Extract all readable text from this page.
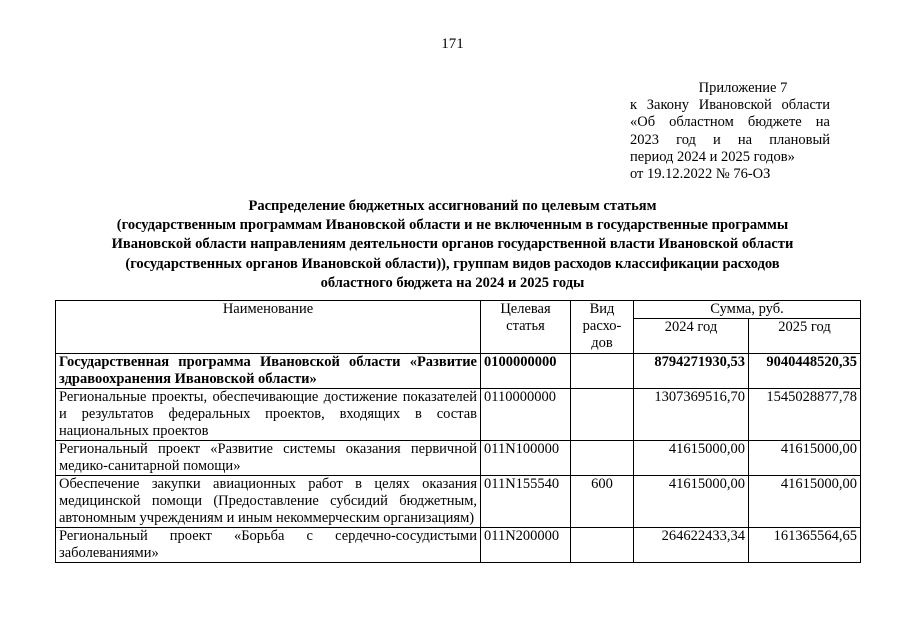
171
Приложение 7
к Закону Ивановской области
«Об областном бюджете на
2023 год и на плановый
период 2024 и 2025 годов»
от 19.12.2022 № 76-ОЗ
Распределение бюджетных ассигнований по целевым статьям
(государственным программам Ивановской области и не включенным в государственные программы
Ивановской области направлениям деятельности органов государственной власти Ивановской области
(государственных органов Ивановской области)), группам видов расходов классификации расходов
областного бюджета на 2024 и 2025 годы
Наименование	Целевая статья	Вид расхо-дов	Сумма, руб.	
			2024 год	2025 год
Государственная программа Ивановской области «Развитие здравоохранения Ивановской области»	0100000000		8794271930,53	9040448520,35
Региональные проекты, обеспечивающие достижение показателей и результатов федеральных проектов, входящих в состав национальных проектов	0110000000		1307369516,70	1545028877,78
Региональный проект «Развитие системы оказания первичной медико-санитарной помощи»	011N100000		41615000,00	41615000,00
Обеспечение закупки авиационных работ в целях оказания медицинской помощи (Предоставление субсидий бюджетным, автономным учреждениям и иным некоммерческим организациям)	011N155540	600	41615000,00	41615000,00
Региональный проект «Борьба с сердечно-сосудистыми заболеваниями»	011N200000		264622433,34	161365564,65
